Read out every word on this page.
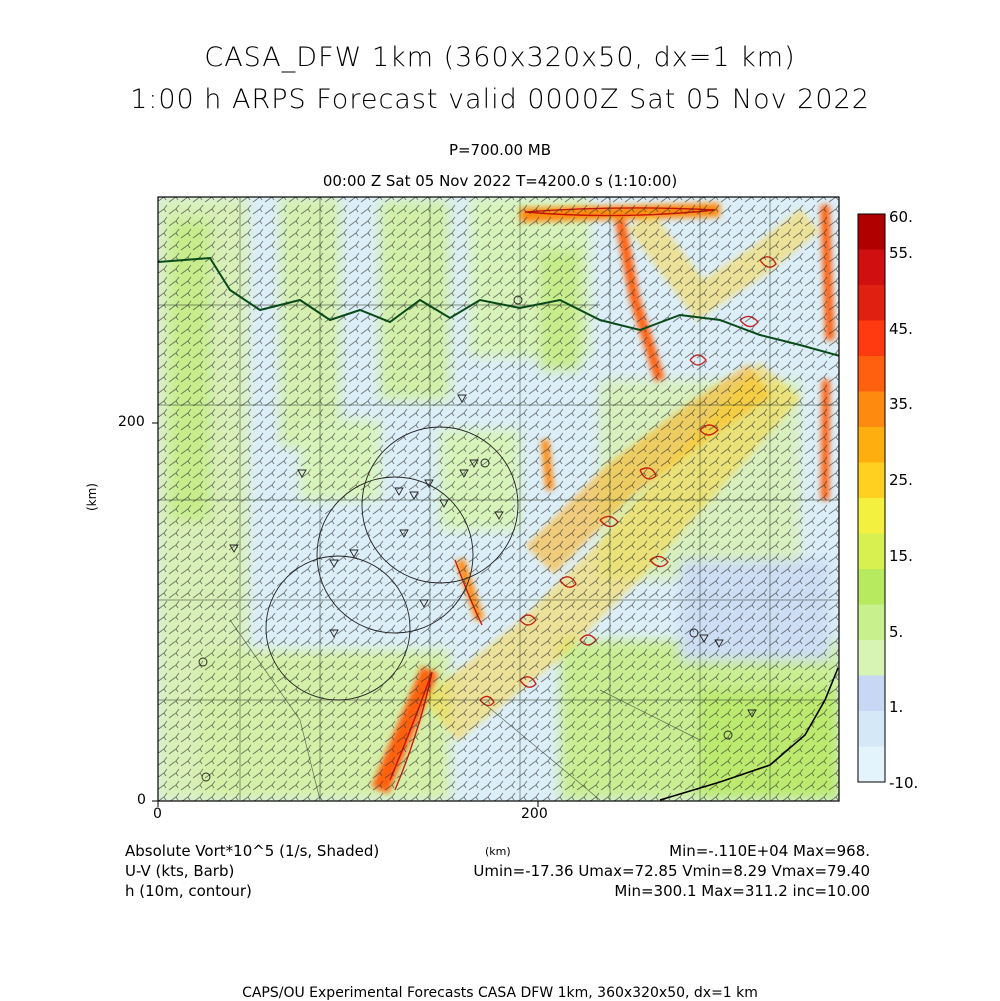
CASA_DFW 1km (360x320x50, dx=1 km)
1:00 h ARPS Forecast valid 0000Z Sat 05 Nov 2022
P=700.00 MB
00:00 Z Sat 05 Nov 2022 T=4200.0 s (1:10:00)
0	200
0
200
(km)
60.
55.
45.
35.
25.
15.
5.
1.
-10.
Absolute Vort*10^5 (1/s, Shaded)	(km)	Min=-.110E+04 Max=968.
U-V (kts, Barb)	Umin=-17.36 Umax=72.85 Vmin=8.29 Vmax=79.40
h (10m, contour)	Min=300.1 Max=311.2 inc=10.00
CAPS/OU Experimental Forecasts CASA DFW 1km, 360x320x50, dx=1 km
